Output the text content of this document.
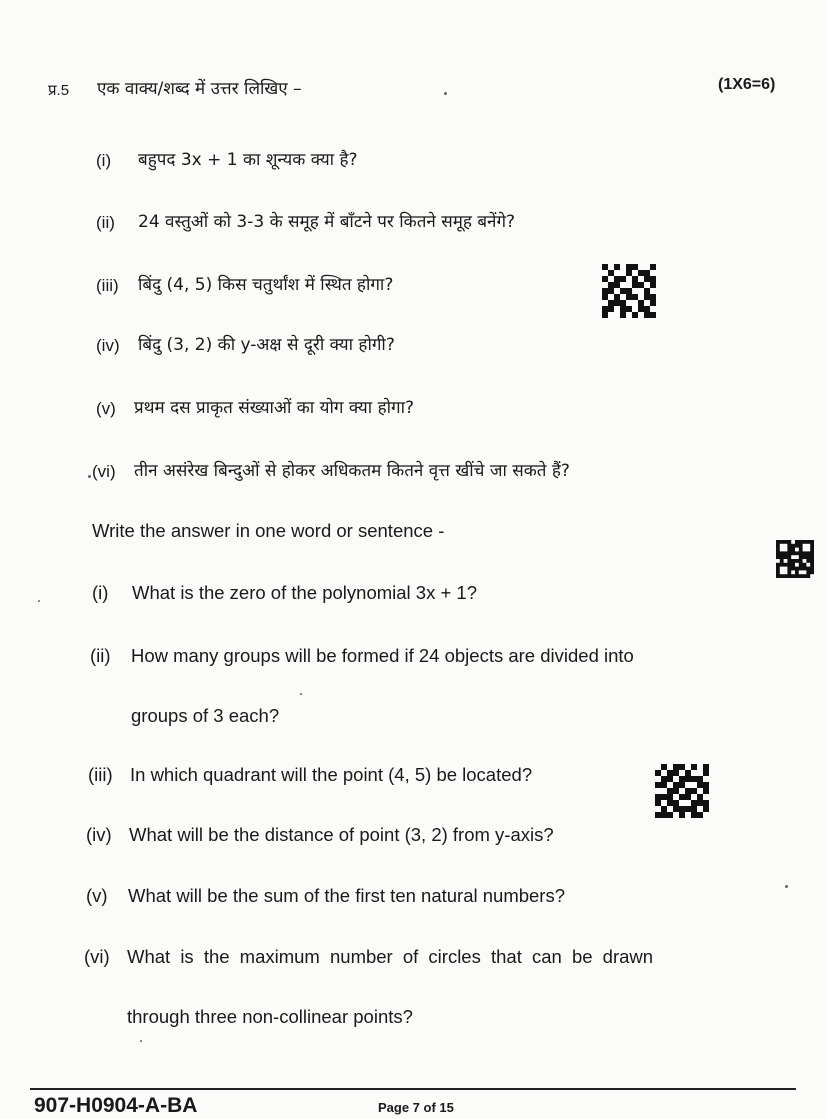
प्र.5 एक वाक्य/शब्द में उत्तर लिखिए –	(1X6=6)
(i) बहुपद 3x + 1 का शून्यक क्या है?
(ii) 24 वस्तुओं को 3-3 के समूह में बाँटने पर कितने समूह बनेंगे?
(iii) बिंदु (4, 5) किस चतुर्थांश में स्थित होगा?
(iv) बिंदु (3, 2) की y-अक्ष से दूरी क्या होगी?
(v) प्रथम दस प्राकृत संख्याओं का योग क्या होगा?
(vi) तीन असंरेख बिन्दुओं से होकर अधिकतम कितने वृत्त खींचे जा सकते हैं?
Write the answer in one word or sentence -
(i) What is the zero of the polynomial 3x + 1?
(ii) How many groups will be formed if 24 objects are divided into
groups of 3 each?
(iii) In which quadrant will the point (4, 5) be located?
(iv) What will be the distance of point (3, 2) from y-axis?
(v) What will be the sum of the first ten natural numbers?
(vi) What is the maximum number of circles that can be drawn
through three non-collinear points?
907-H0904-A-BA	Page 7 of 15
